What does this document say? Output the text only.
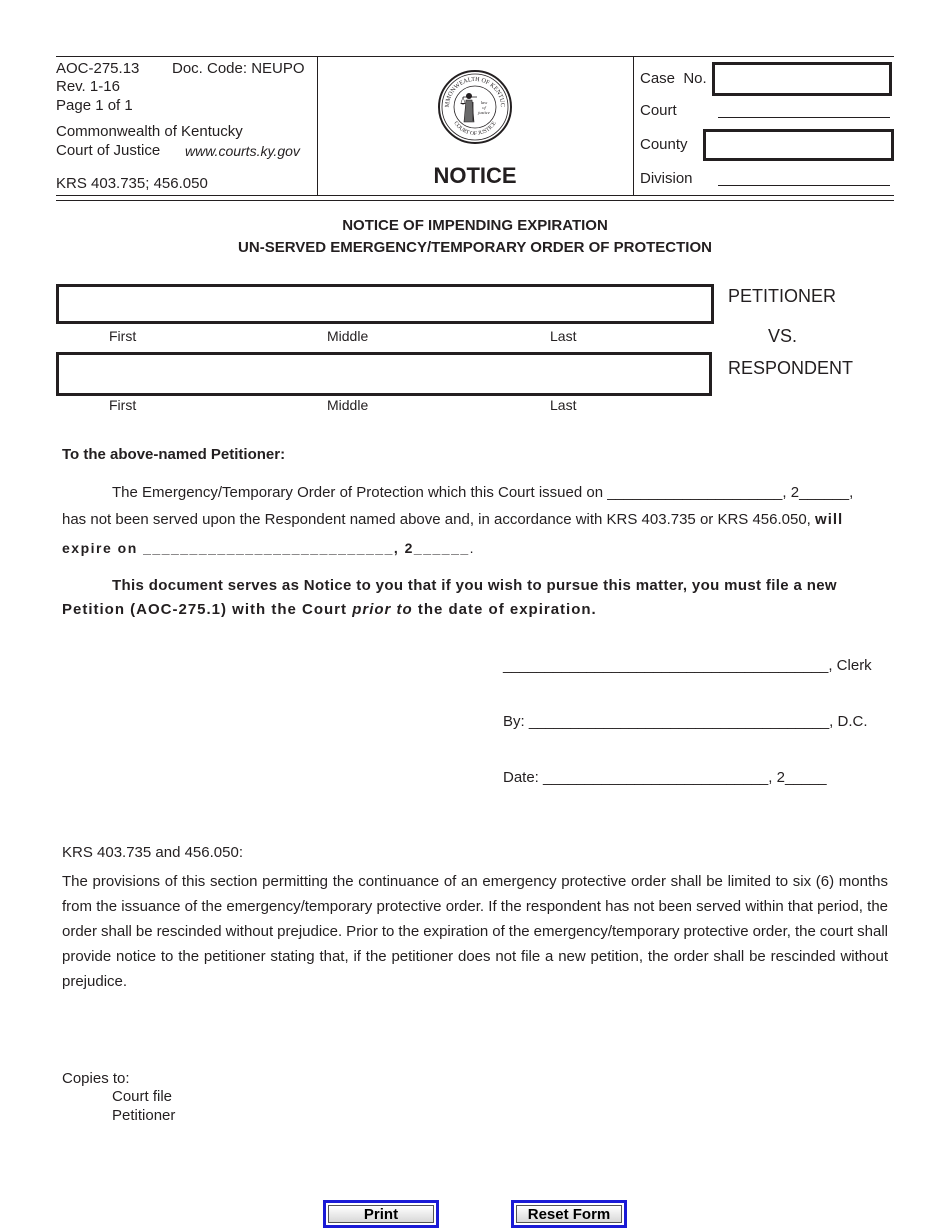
AOC-275.13 Doc. Code: NEUPO
Rev. 1-16
Page 1 of 1
Commonwealth of Kentucky
Court of Justice www.courts.ky.gov
KRS 403.735; 456.050
MMONWEALTH OF KENTUC
COURT OF JUSTICE
law
of
justice
NOTICE
Case  No.
Court
County
Division
NOTICE OF IMPENDING EXPIRATION
UN-SERVED EMERGENCY/TEMPORARY ORDER OF PROTECTION
PETITIONER
First	Middle	Last	VS.
RESPONDENT
First	Middle	Last
To the above-named Petitioner:
The Emergency/Temporary Order of Protection which this Court issued on _____________________, 2______,
has not been served upon the Respondent named above and, in accordance with KRS 403.735 or KRS 456.050, will
expire on ___________________________, 2______.
This document serves as Notice to you that if you wish to pursue this matter, you must file a new
Petition (AOC-275.1) with the Court prior to the date of expiration.
_______________________________________, Clerk
By: ____________________________________, D.C.
Date: ___________________________, 2_____
KRS 403.735 and 456.050:
The provisions of this section permitting the continuance of an emergency protective order shall be limited to six (6) months from the issuance of the emergency/temporary protective order. If the respondent has not been served within that period, the order shall be rescinded without prejudice. Prior to the expiration of the emergency/temporary protective order, the court shall provide notice to the petitioner stating that, if the petitioner does not file a new petition, the order shall be rescinded without prejudice.
Copies to:
Court file
Petitioner
Print	Reset Form
